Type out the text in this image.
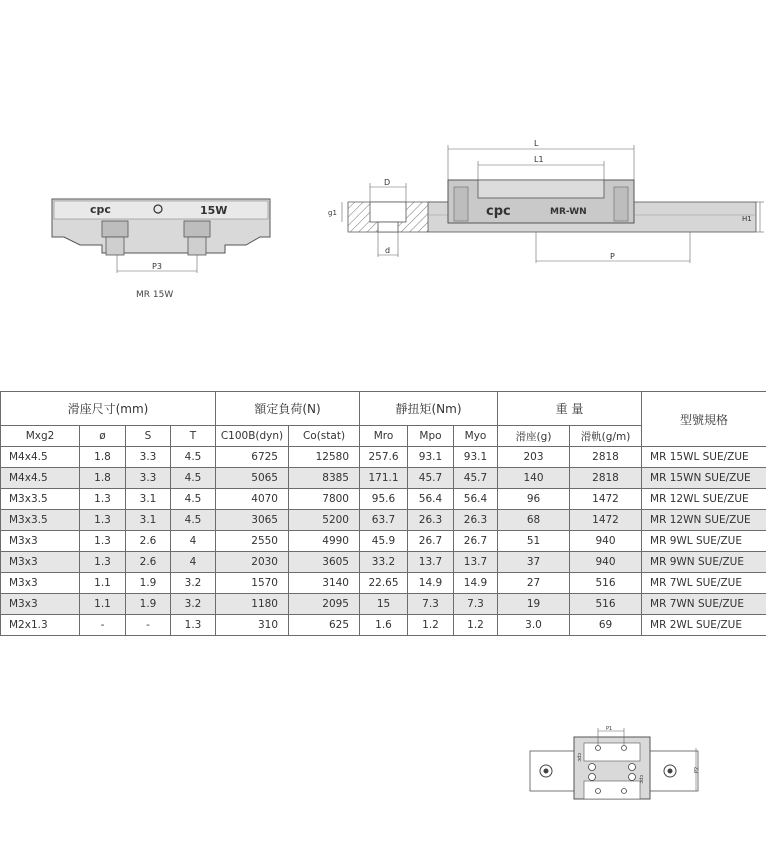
cpc	15W
P3
MR 15W
cpc	MR-WN
L
L1
D
d
g1
P
H1
滑座尺寸(mm)				額定負荷(N)		靜扭矩(Nm)			重 量		型號規格
Mxg2	ø	S	T	C100B(dyn)	Co(stat)	Mro	Mpo	Myo	滑座(g)	滑軌(g/m)	
M4x4.5	1.8	3.3	4.5	6725	12580	257.6	93.1	93.1	203	2818	MR 15WL SUE/ZUE
M4x4.5	1.8	3.3	4.5	5065	8385	171.1	45.7	45.7	140	2818	MR 15WN SUE/ZUE
M3x3.5	1.3	3.1	4.5	4070	7800	95.6	56.4	56.4	96	1472	MR 12WL SUE/ZUE
M3x3.5	1.3	3.1	4.5	3065	5200	63.7	26.3	26.3	68	1472	MR 12WN SUE/ZUE
M3x3	1.3	2.6	4	2550	4990	45.9	26.7	26.7	51	940	MR 9WL SUE/ZUE
M3x3	1.3	2.6	4	2030	3605	33.2	13.7	13.7	37	940	MR 9WN SUE/ZUE
M3x3	1.1	1.9	3.2	1570	3140	22.65	14.9	14.9	27	516	MR 7WL SUE/ZUE
M3x3	1.1	1.9	3.2	1180	2095	15	7.3	7.3	19	516	MR 7WN SUE/ZUE
M2x1.3	-	-	1.3	310	625	1.6	1.2	1.2	3.0	69	MR 2WL SUE/ZUE
cpc
cpc
P1
P2
